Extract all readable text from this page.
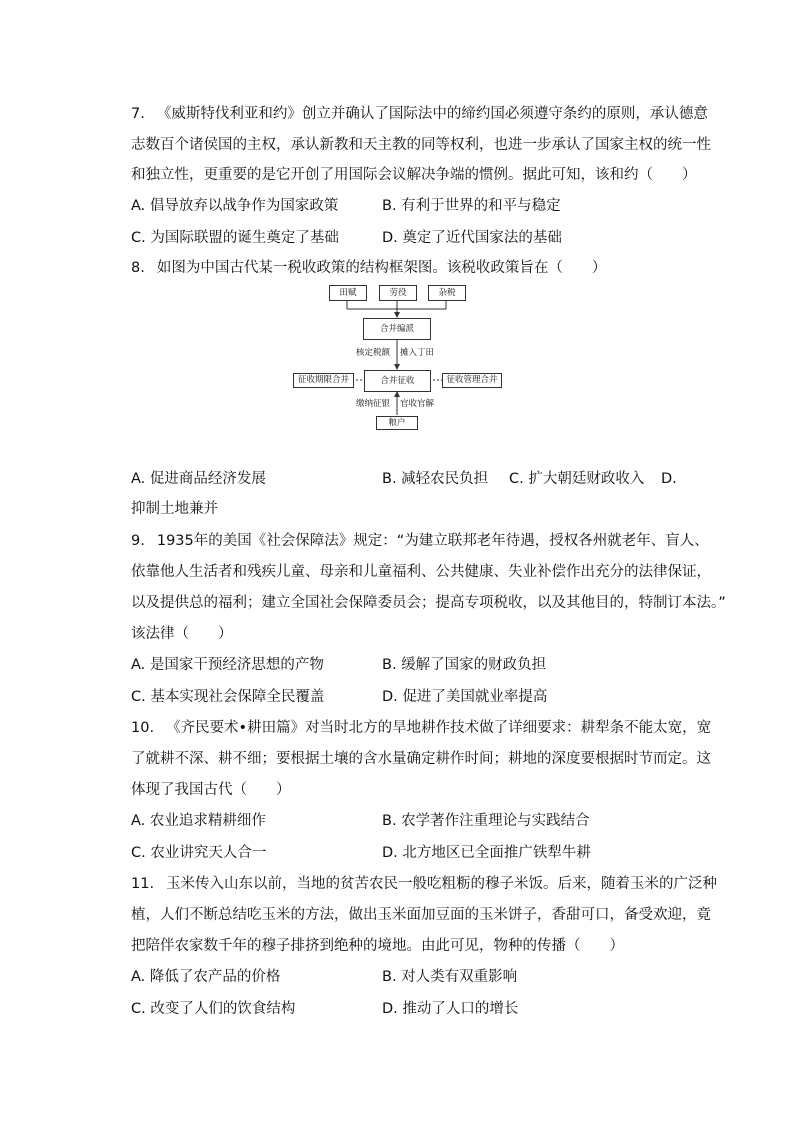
7. 《威斯特伐利亚和约》创立并确认了国际法中的缔约国必须遵守条约的原则，承认德意
志数百个诸侯国的主权，承认新教和天主教的同等权利，也进一步承认了国家主权的统一性
和独立性，更重要的是它开创了用国际会议解决争端的惯例。据此可知，该和约（　　）
A. 倡导放弃以战争作为国家政策	B. 有利于世界的和平与稳定
C. 为国际联盟的诞生奠定了基础	D. 奠定了近代国家法的基础
8. 如图为中国古代某一税收政策的结构框架图。该税收政策旨在（　　）
田赋	劳役	杂税
合并编派
核定税额 摊入丁田
征收期限合并	合并征收	征收管理合并
缴纳征银 官收官解
粮户
A. 促进商品经济发展	B. 减轻农民负担 C. 扩大朝廷财政收入 D.
抑制土地兼并
9. 1935年的美国《社会保障法》规定：“为建立联邦老年待遇，授权各州就老年、盲人、
依靠他人生活者和残疾儿童、母亲和儿童福利、公共健康、失业补偿作出充分的法律保证，
以及提供总的福利；建立全国社会保障委员会；提高专项税收，以及其他目的，特制订本法。”
该法律（　　）
A. 是国家干预经济思想的产物	B. 缓解了国家的财政负担
C. 基本实现社会保障全民覆盖	D. 促进了美国就业率提高
10. 《齐民要术•耕田篇》对当时北方的旱地耕作技术做了详细要求：耕犁条不能太宽，宽
了就耕不深、耕不细；要根据土壤的含水量确定耕作时间；耕地的深度要根据时节而定。这
体现了我国古代（　　）
A. 农业追求精耕细作	B. 农学著作注重理论与实践结合
C. 农业讲究天人合一	D. 北方地区已全面推广铁犁牛耕
11. 玉米传入山东以前，当地的贫苦农民一般吃粗粝的穆子米饭。后来，随着玉米的广泛种
植，人们不断总结吃玉米的方法，做出玉米面加豆面的玉米饼子，香甜可口，备受欢迎，竟
把陪伴农家数千年的穆子排挤到绝种的境地。由此可见，物种的传播（　　）
A. 降低了农产品的价格	B. 对人类有双重影响
C. 改变了人们的饮食结构	D. 推动了人口的增长
